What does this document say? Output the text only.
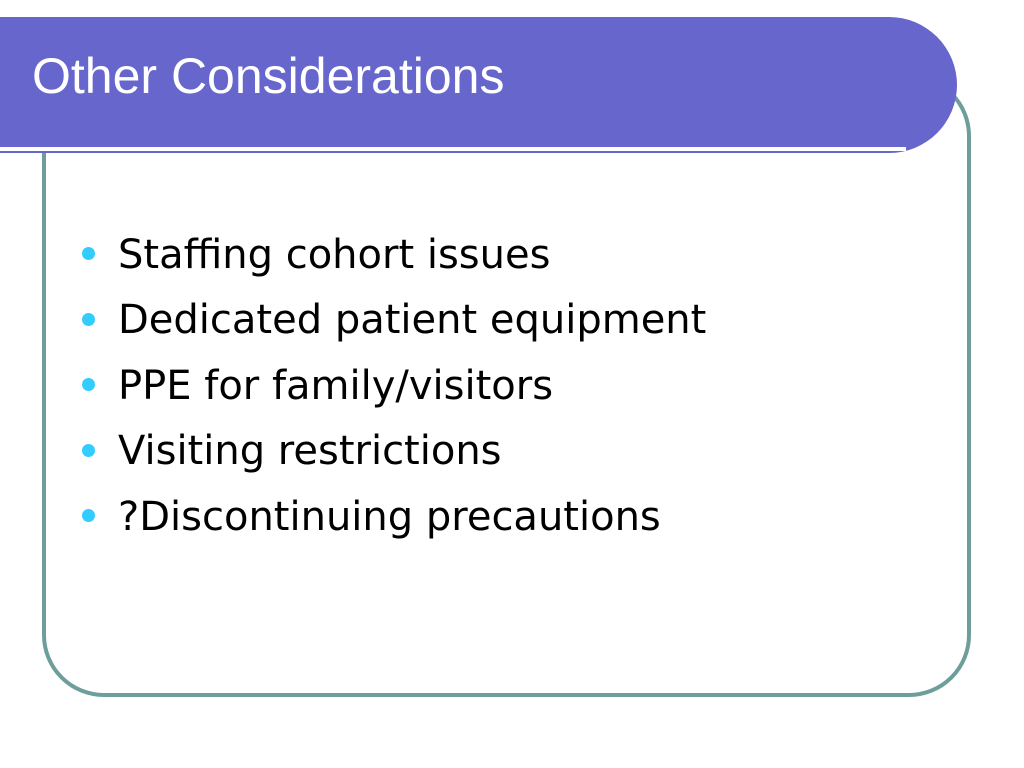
Other Considerations
Staffing cohort issues
Dedicated patient equipment
PPE for family/visitors
Visiting restrictions
?Discontinuing precautions
